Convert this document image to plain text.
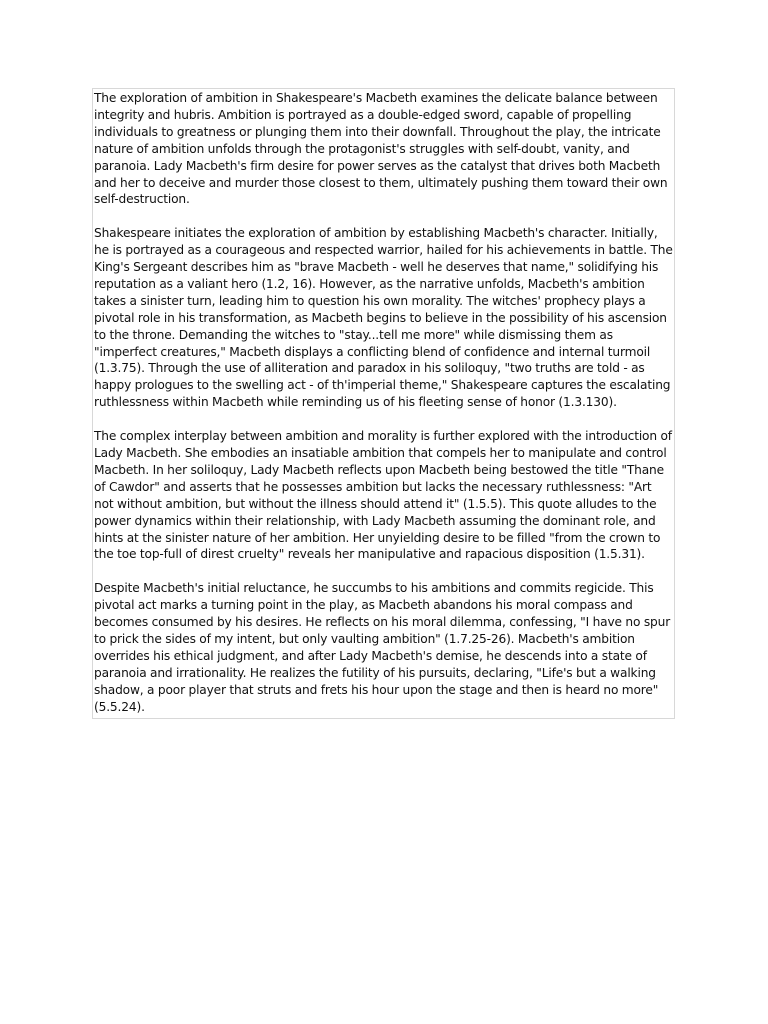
The exploration of ambition in Shakespeare's Macbeth examines the delicate balance between integrity and hubris. Ambition is portrayed as a double-edged sword, capable of propelling individuals to greatness or plunging them into their downfall. Throughout the play, the intricate nature of ambition unfolds through the protagonist's struggles with self-doubt, vanity, and paranoia. Lady Macbeth's firm desire for power serves as the catalyst that drives both Macbeth and her to deceive and murder those closest to them, ultimately pushing them toward their own self-destruction.

Shakespeare initiates the exploration of ambition by establishing Macbeth's character. Initially, he is portrayed as a courageous and respected warrior, hailed for his achievements in battle. The King's Sergeant describes him as "brave Macbeth - well he deserves that name," solidifying his reputation as a valiant hero (1.2, 16). However, as the narrative unfolds, Macbeth's ambition takes a sinister turn, leading him to question his own morality. The witches' prophecy plays a pivotal role in his transformation, as Macbeth begins to believe in the possibility of his ascension to the throne. Demanding the witches to "stay...tell me more" while dismissing them as "imperfect creatures," Macbeth displays a conflicting blend of confidence and internal turmoil (1.3.75). Through the use of alliteration and paradox in his soliloquy, "two truths are told - as happy prologues to the swelling act - of th'imperial theme," Shakespeare captures the escalating ruthlessness within Macbeth while reminding us of his fleeting sense of honor (1.3.130).

The complex interplay between ambition and morality is further explored with the introduction of Lady Macbeth. She embodies an insatiable ambition that compels her to manipulate and control Macbeth. In her soliloquy, Lady Macbeth reflects upon Macbeth being bestowed the title "Thane of Cawdor" and asserts that he possesses ambition but lacks the necessary ruthlessness: "Art not without ambition, but without the illness should attend it" (1.5.5). This quote alludes to the power dynamics within their relationship, with Lady Macbeth assuming the dominant role, and hints at the sinister nature of her ambition. Her unyielding desire to be filled "from the crown to the toe top-full of direst cruelty" reveals her manipulative and rapacious disposition (1.5.31).

Despite Macbeth's initial reluctance, he succumbs to his ambitions and commits regicide. This pivotal act marks a turning point in the play, as Macbeth abandons his moral compass and becomes consumed by his desires. He reflects on his moral dilemma, confessing, "I have no spur to prick the sides of my intent, but only vaulting ambition" (1.7.25-26). Macbeth's ambition overrides his ethical judgment, and after Lady Macbeth's demise, he descends into a state of paranoia and irrationality. He realizes the futility of his pursuits, declaring, "Life's but a walking shadow, a poor player that struts and frets his hour upon the stage and then is heard no more" (5.5.24).
